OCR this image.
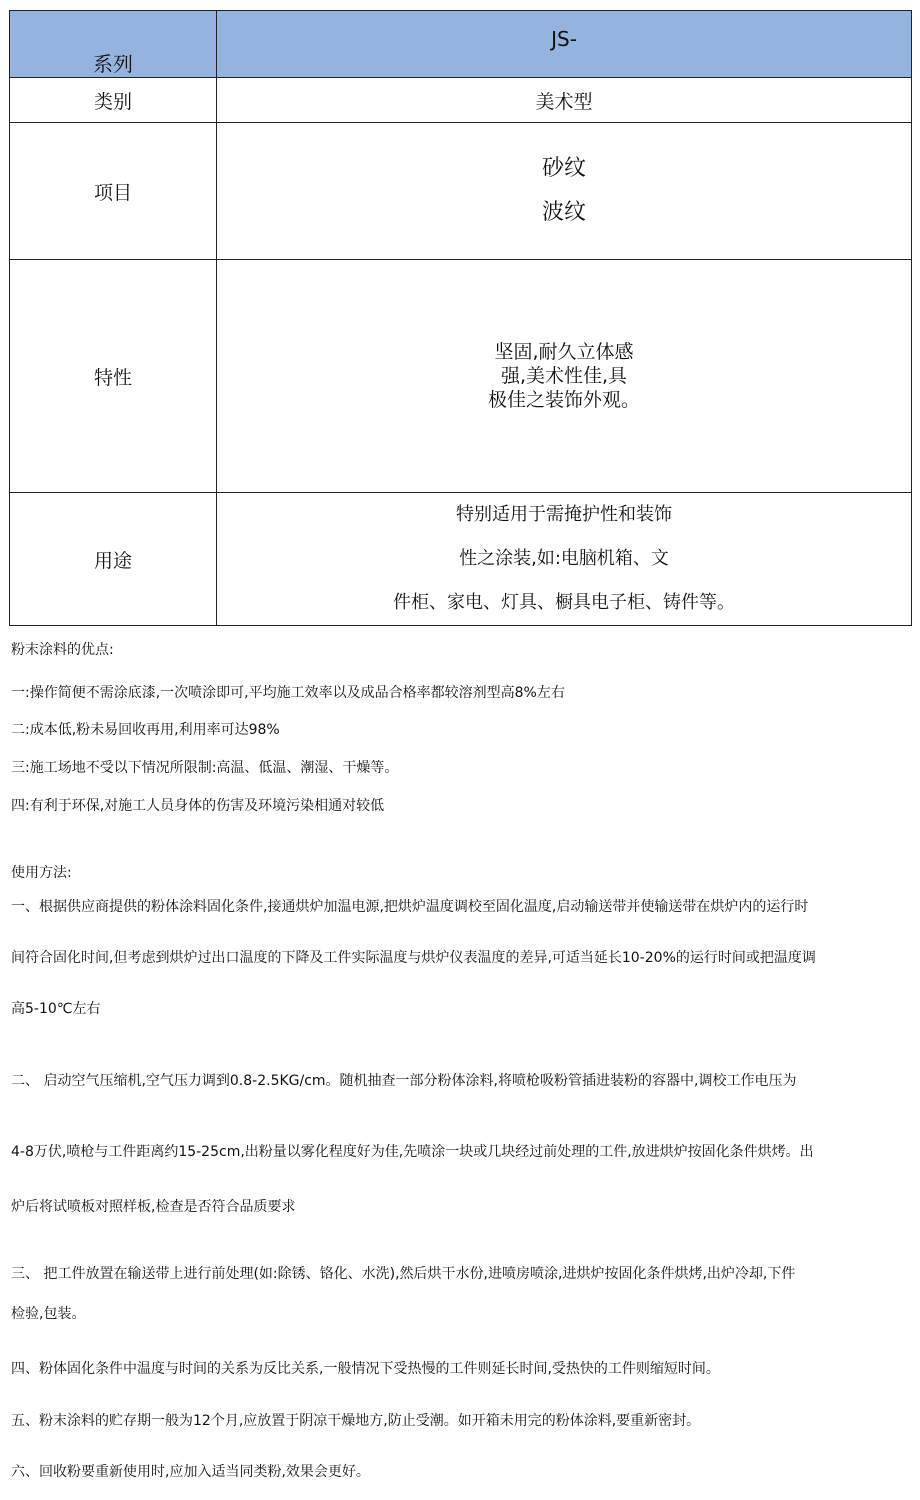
系列	JS-
类别	美术型
项目	砂纹
波纹

特性	坚固,耐久立体感
强,美术性佳,具
极佳之装饰外观。

用途	特别适用于需掩护性和装饰
性之涂装,如:电脑机箱、文
件柜、家电、灯具、橱具电子柜、铸件等。

粉末涂料的优点:

一:操作简便不需涂底漆,一次喷涂即可,平均施工效率以及成品合格率都较溶剂型高8%左右

二:成本低,粉未易回收再用,利用率可达98%

三:施工场地不受以下情况所限制:高温、低温、潮湿、干燥等。

四:有利于环保,对施工人员身体的伤害及环境污染相通对较低

使用方法:

一、根据供应商提供的粉体涂料固化条件,接通烘炉加温电源,把烘炉温度调校至固化温度,启动输送带并使输送带在烘炉内的运行时

间符合固化时间,但考虑到烘炉过出口温度的下降及工件实际温度与烘炉仪表温度的差异,可适当延长10-20%的运行时间或把温度调

高5-10℃左右

二、 启动空气压缩机,空气压力调到0.8-2.5KG/cm。随机抽查一部分粉体涂料,将喷枪吸粉管插进装粉的容器中,调校工作电压为

4-8万伏,喷枪与工件距离约15-25cm,出粉量以雾化程度好为佳,先喷涂一块或几块经过前处理的工件,放进烘炉按固化条件烘烤。出

炉后将试喷板对照样板,检查是否符合品质要求

三、 把工件放置在输送带上进行前处理(如:除锈、铬化、水洗),然后烘干水份,进喷房喷涂,进烘炉按固化条件烘烤,出炉冷却,下件

检验,包装。

四、粉体固化条件中温度与时间的关系为反比关系,一般情况下受热慢的工件则延长时间,受热快的工件则缩短时间。

五、粉末涂料的贮存期一般为12个月,应放置于阴凉干燥地方,防止受潮。如开箱未用完的粉体涂料,要重新密封。

六、回收粉要重新使用时,应加入适当同类粉,效果会更好。
